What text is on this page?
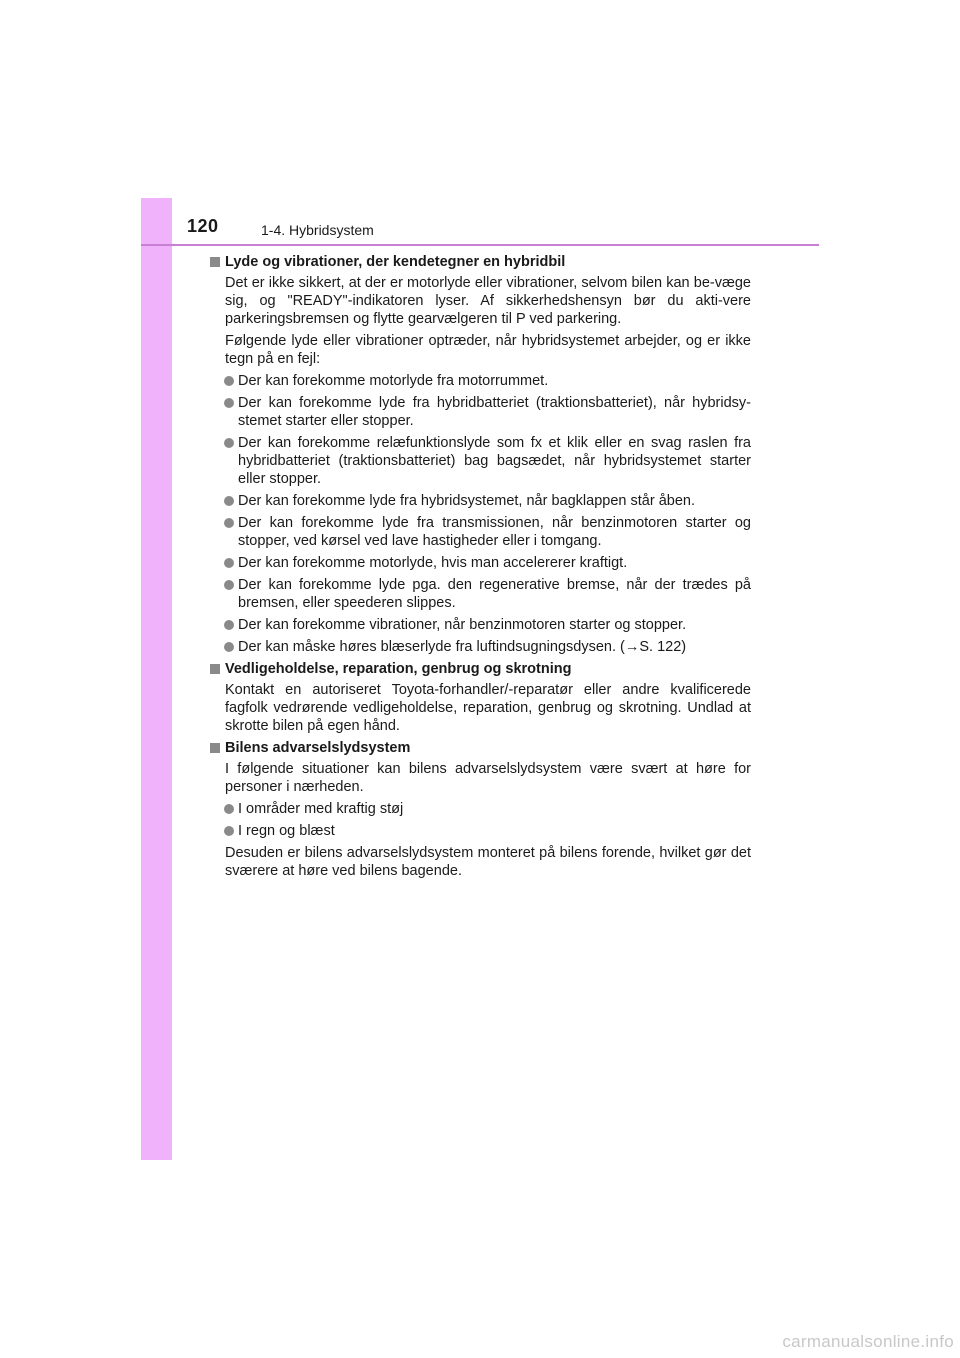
120	1-4. Hybridsystem
Lyde og vibrationer, der kendetegner en hybridbil
Det er ikke sikkert, at der er motorlyde eller vibrationer, selvom bilen kan be-væge sig, og "READY"-indikatoren lyser. Af sikkerhedshensyn bør du akti-vere parkeringsbremsen og flytte gearvælgeren til P ved parkering.
Følgende lyde eller vibrationer optræder, når hybridsystemet arbejder, og er ikke tegn på en fejl:
Der kan forekomme motorlyde fra motorrummet.
Der kan forekomme lyde fra hybridbatteriet (traktionsbatteriet), når hybridsy-stemet starter eller stopper.
Der kan forekomme relæfunktionslyde som fx et klik eller en svag raslen fra hybridbatteriet (traktionsbatteriet) bag bagsædet, når hybridsystemet starter eller stopper.
Der kan forekomme lyde fra hybridsystemet, når bagklappen står åben.
Der kan forekomme lyde fra transmissionen, når benzinmotoren starter og stopper, ved kørsel ved lave hastigheder eller i tomgang.
Der kan forekomme motorlyde, hvis man accelererer kraftigt.
Der kan forekomme lyde pga. den regenerative bremse, når der trædes på bremsen, eller speederen slippes.
Der kan forekomme vibrationer, når benzinmotoren starter og stopper.
Der kan måske høres blæserlyde fra luftindsugningsdysen. (→S. 122)
Vedligeholdelse, reparation, genbrug og skrotning
Kontakt en autoriseret Toyota-forhandler/-reparatør eller andre kvalificerede fagfolk vedrørende vedligeholdelse, reparation, genbrug og skrotning. Undlad at skrotte bilen på egen hånd.
Bilens advarselslydsystem
I følgende situationer kan bilens advarselslydsystem være svært at høre for personer i nærheden.
I områder med kraftig støj
I regn og blæst
Desuden er bilens advarselslydsystem monteret på bilens forende, hvilket gør det sværere at høre ved bilens bagende.
carmanualsonline.info
